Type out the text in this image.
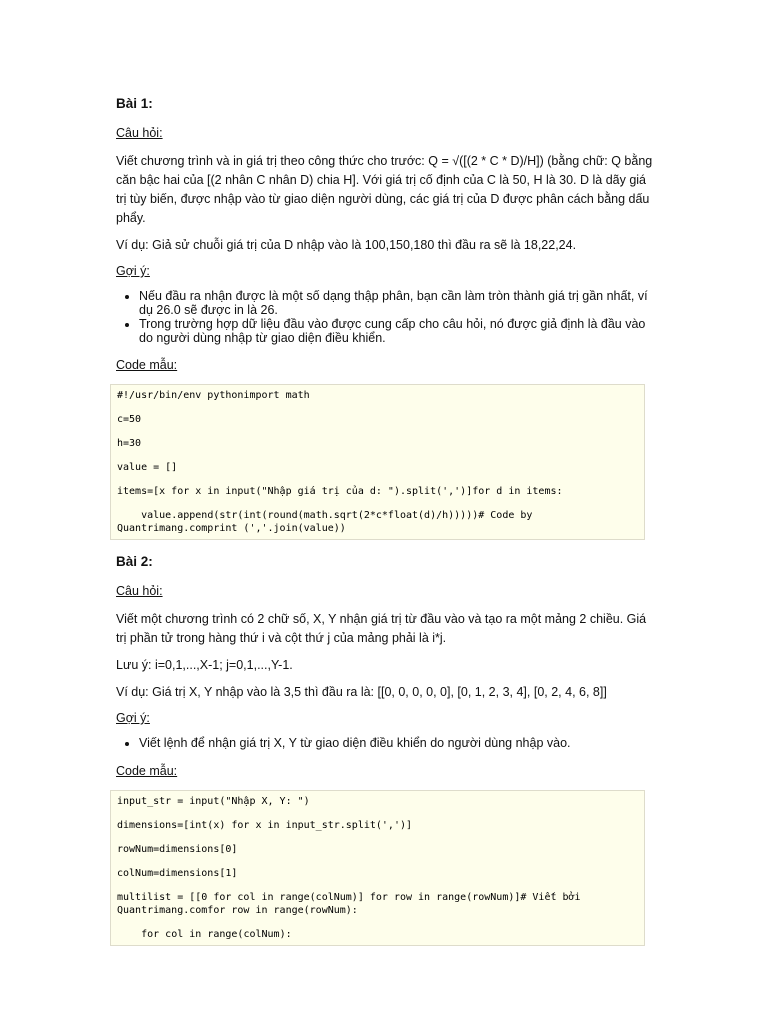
Bài 1:
Câu hỏi:

Viết chương trình và in giá trị theo công thức cho trước: Q = √([(2 * C * D)/H]) (bằng chữ: Q bằng căn bậc hai của [(2 nhân C nhân D) chia H]. Với giá trị cố định của C là 50, H là 30. D là dãy giá trị tùy biến, được nhập vào từ giao diện người dùng, các giá trị của D được phân cách bằng dấu phẩy.

Ví dụ: Giả sử chuỗi giá trị của D nhập vào là 100,150,180 thì đầu ra sẽ là 18,22,24.

Gợi ý:
• Nếu đầu ra nhận được là một số dạng thập phân, bạn cần làm tròn thành giá trị gần nhất, ví dụ 26.0 sẽ được in là 26.
• Trong trường hợp dữ liệu đầu vào được cung cấp cho câu hỏi, nó được giả định là đầu vào do người dùng nhập từ giao diện điều khiển.
Code mẫu:
#!/usr/bin/env pythonimport math
c=50
h=30
value = []
items=[x for x in input("Nhập giá trị của d: ").split(',')]for d in items:
value.append(str(int(round(math.sqrt(2*c*float(d)/h)))))# Code by Quantrimang.comprint (','.join(value))
Bài 2:
Câu hỏi:

Viết một chương trình có 2 chữ số, X, Y nhận giá trị từ đầu vào và tạo ra một mảng 2 chiều. Giá trị phần tử trong hàng thứ i và cột thứ j của mảng phải là i*j.

Lưu ý: i=0,1,...,X-1; j=0,1,...,Y-1.

Ví dụ: Giá trị X, Y nhập vào là 3,5 thì đầu ra là: [[0, 0, 0, 0, 0], [0, 1, 2, 3, 4], [0, 2, 4, 6, 8]]

Gợi ý:
• Viết lệnh để nhận giá trị X, Y từ giao diện điều khiển do người dùng nhập vào.
Code mẫu:
input_str = input("Nhập X, Y: ")
dimensions=[int(x) for x in input_str.split(',')]
rowNum=dimensions[0]
colNum=dimensions[1]
multilist = [[0 for col in range(colNum)] for row in range(rowNum)]# Viết bởi Quantrimang.comfor row in range(rowNum):
for col in range(colNum):
